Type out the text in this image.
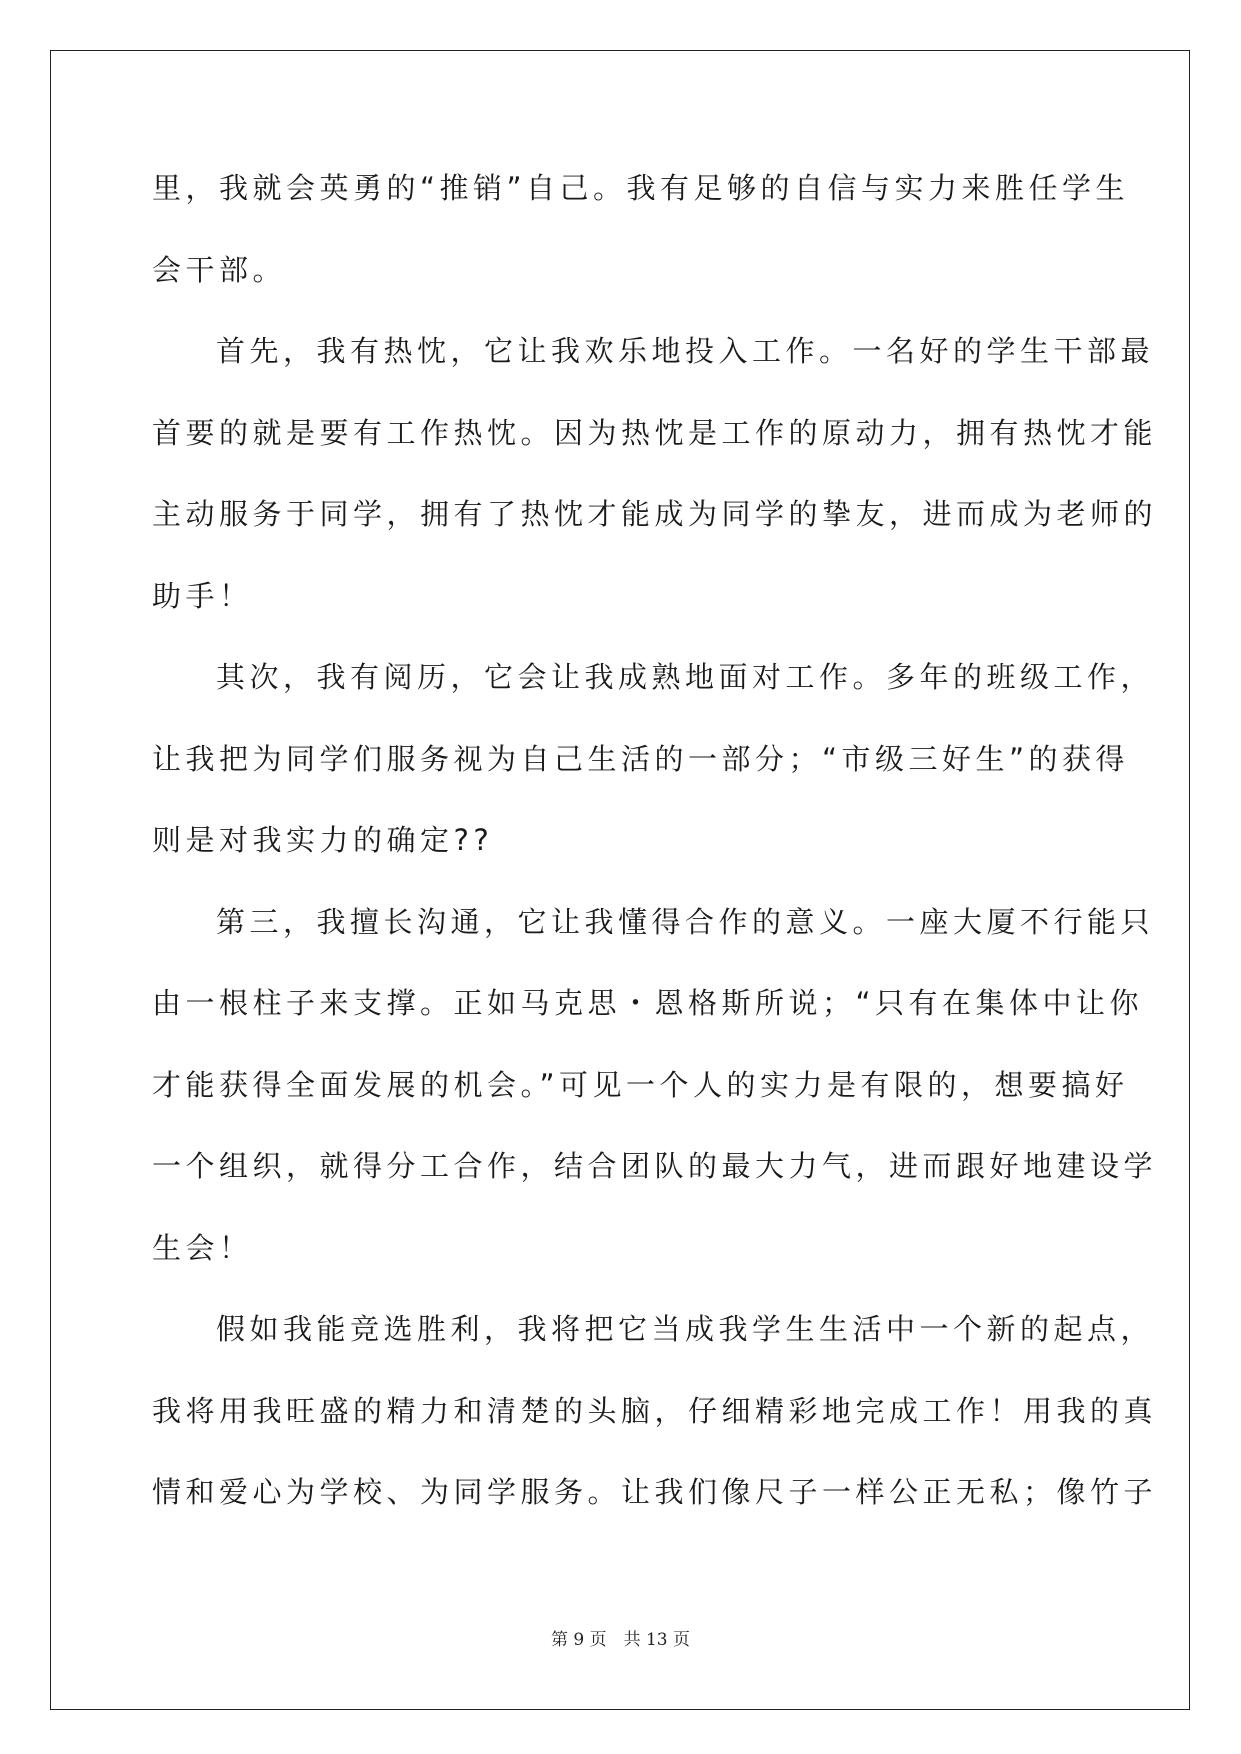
里，我就会英勇的“推销”自己。我有足够的自信与实力来胜任学生
会干部。
首先，我有热忱，它让我欢乐地投入工作。一名好的学生干部最
首要的就是要有工作热忱。因为热忱是工作的原动力，拥有热忱才能
主动服务于同学，拥有了热忱才能成为同学的挚友，进而成为老师的
助手！
其次，我有阅历，它会让我成熟地面对工作。多年的班级工作，
让我把为同学们服务视为自己生活的一部分；“市级三好生”的获得
则是对我实力的确定??
第三，我擅长沟通，它让我懂得合作的意义。一座大厦不行能只
由一根柱子来支撑。正如马克思・恩格斯所说；“只有在集体中让你
才能获得全面发展的机会。”可见一个人的实力是有限的，想要搞好
一个组织，就得分工合作，结合团队的最大力气，进而跟好地建设学
生会！
假如我能竞选胜利，我将把它当成我学生生活中一个新的起点，
我将用我旺盛的精力和清楚的头脑，仔细精彩地完成工作！用我的真
情和爱心为学校、为同学服务。让我们像尺子一样公正无私；像竹子
第 9 页　共 13 页
